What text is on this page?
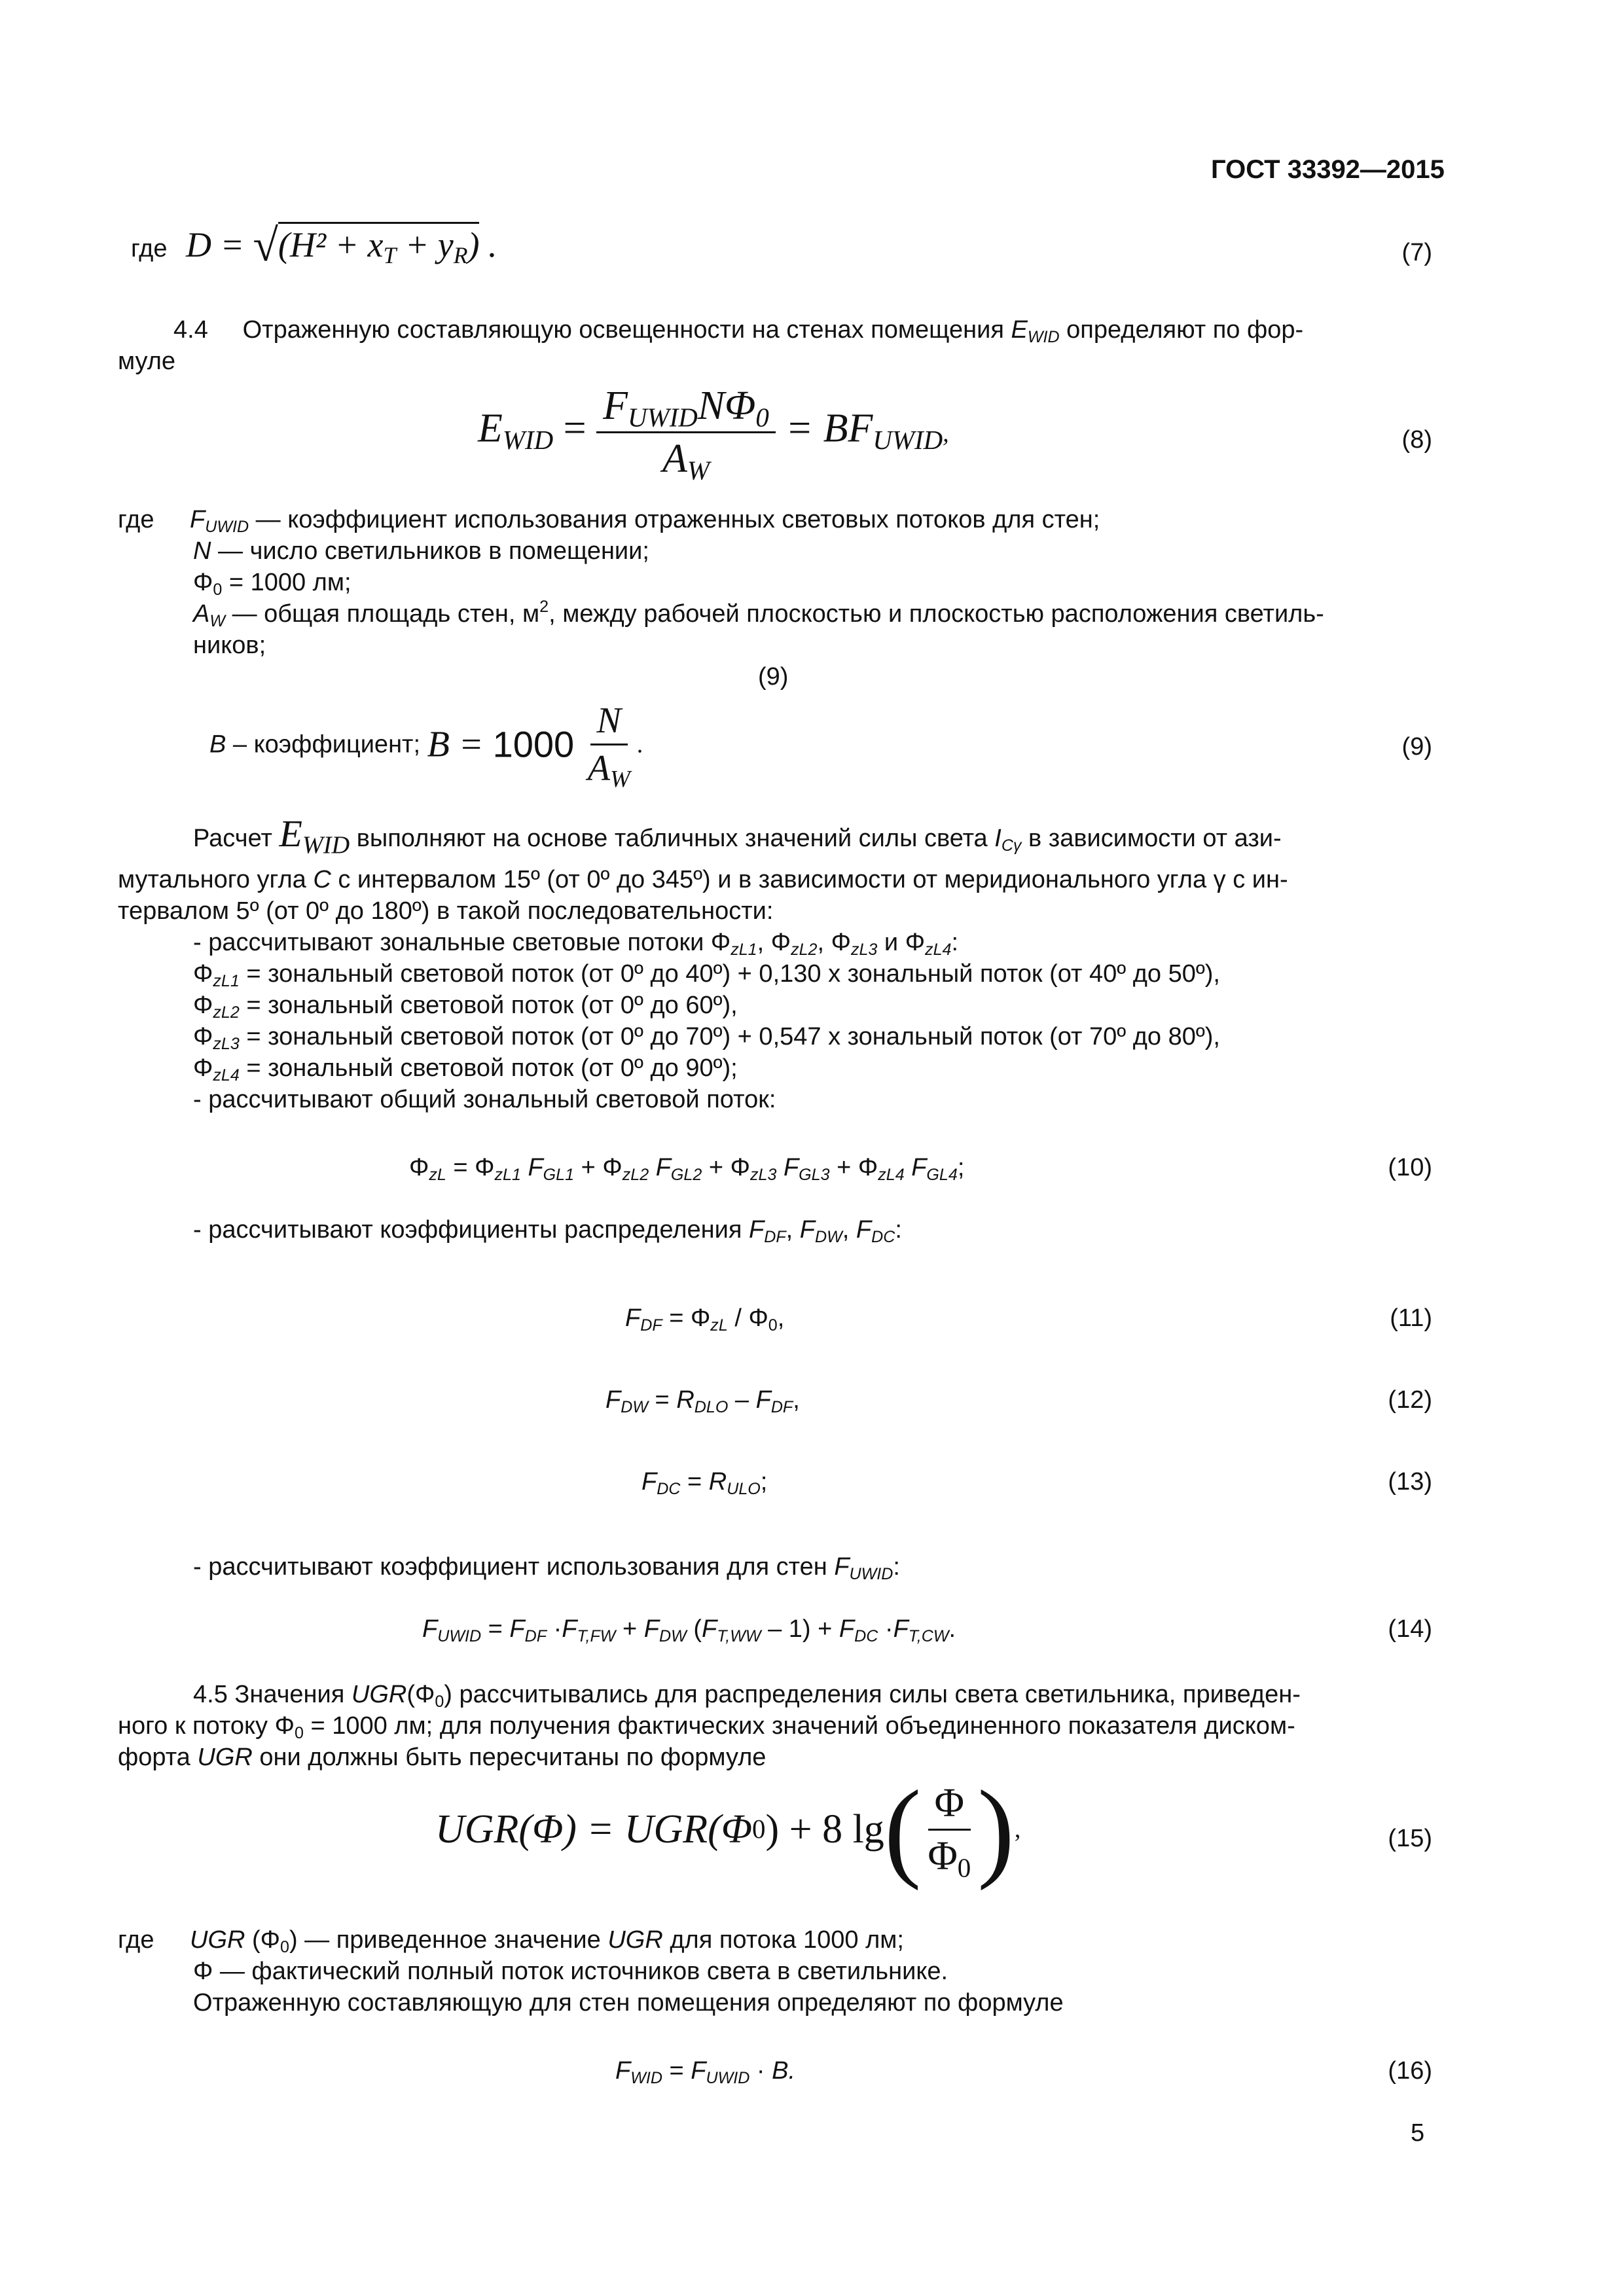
ГОСТ 33392—2015
где $D = √(H^2 + x_T + y_R)$ .	(7)
4.4 Отраженную составляющую освещенности на стенах помещения $E_{WID}$ определяют по фор-
муле
$E_{WID} = \frac{F_{UWID}N\Phi_0}{A_W} = BF_{UWID}$,	(8)
где $F_{UWID}$ — коэффициент использования отраженных световых потоков для стен;
N — число светильников в помещении;
$\Phi_0 = 1000$ лм;
$A_W$ — общая площадь стен, $м^2$, между рабочей плоскостью и плоскостью расположения светиль-
ников;
(9)
B – коэффициент; $B = 1000 \frac{N}{A_W}$ .	(9)
Расчет $E_{WID}$ выполняют на основе табличных значений силы света $I_{C\gamma}$ в зависимости от ази-
мутального угла C с интервалом 15º (от 0º до 345º) и в зависимости от меридионального угла γ с ин-
тервалом 5º (от 0º до 180º) в такой последовательности:
- рассчитывают зональные световые потоки $\Phi_{zL1}$, $\Phi_{zL2}$, $\Phi_{zL3}$ и $\Phi_{zL4}$:
$\Phi_{zL1}$ = зональный световой поток (от 0º до 40º) + 0,130 x зональный поток (от 40º до 50º),
$\Phi_{zL2}$ = зональный световой поток (от 0º до 60º),
$\Phi_{zL3}$ = зональный световой поток (от 0º до 70º) + 0,547 x зональный поток (от 70º до 80º),
$\Phi_{zL4}$ = зональный световой поток (от 0º до 90º);
- рассчитывают общий зональный световой поток:
$\Phi_{zL} = \Phi_{zL1}$ $F_{GL1} + \Phi_{zL2}$ $F_{GL2} + \Phi_{zL3}$ $F_{GL3} + \Phi_{zL4}$ $F_{GL4}$;	(10)
- рассчитывают коэффициенты распределения $F_{DF}$, $F_{DW}$, $F_{DC}$:
$F_{DF} = \Phi_{zL} / \Phi_0$,	(11)
$F_{DW} = R_{DLO} - F_{DF}$,	(12)
$F_{DC} = R_{ULO}$;	(13)
- рассчитывают коэффициент использования для стен $F_{UWID}$:
$F_{UWID} = F_{DF} \cdot F_{T,FW} + F_{DW}$ $(F_{T,WW} - 1) + F_{DC} \cdot F_{T,CW}$.	(14)
4.5 Значения $UGR(\Phi_0)$ рассчитывались для распределения силы света светильника, приведен-
ного к потоку $\Phi_0 = 1000$ лм; для получения фактических значений объединенного показателя диском-
форта UGR они должны быть пересчитаны по формуле
UGR(Φ) = UGR(Φ 0 ) + 8 lg ( $\frac{\Phi}{\Phi_0}$ ) ,	(15)
где UGR $(\Phi_0)$ — приведенное значение UGR для потока 1000 лм;
Φ — фактический полный поток источников света в светильнике.
Отраженную составляющую для стен помещения определяют по формуле
$F_{WID} = F_{UWID} \cdot B$.	(16)
5
